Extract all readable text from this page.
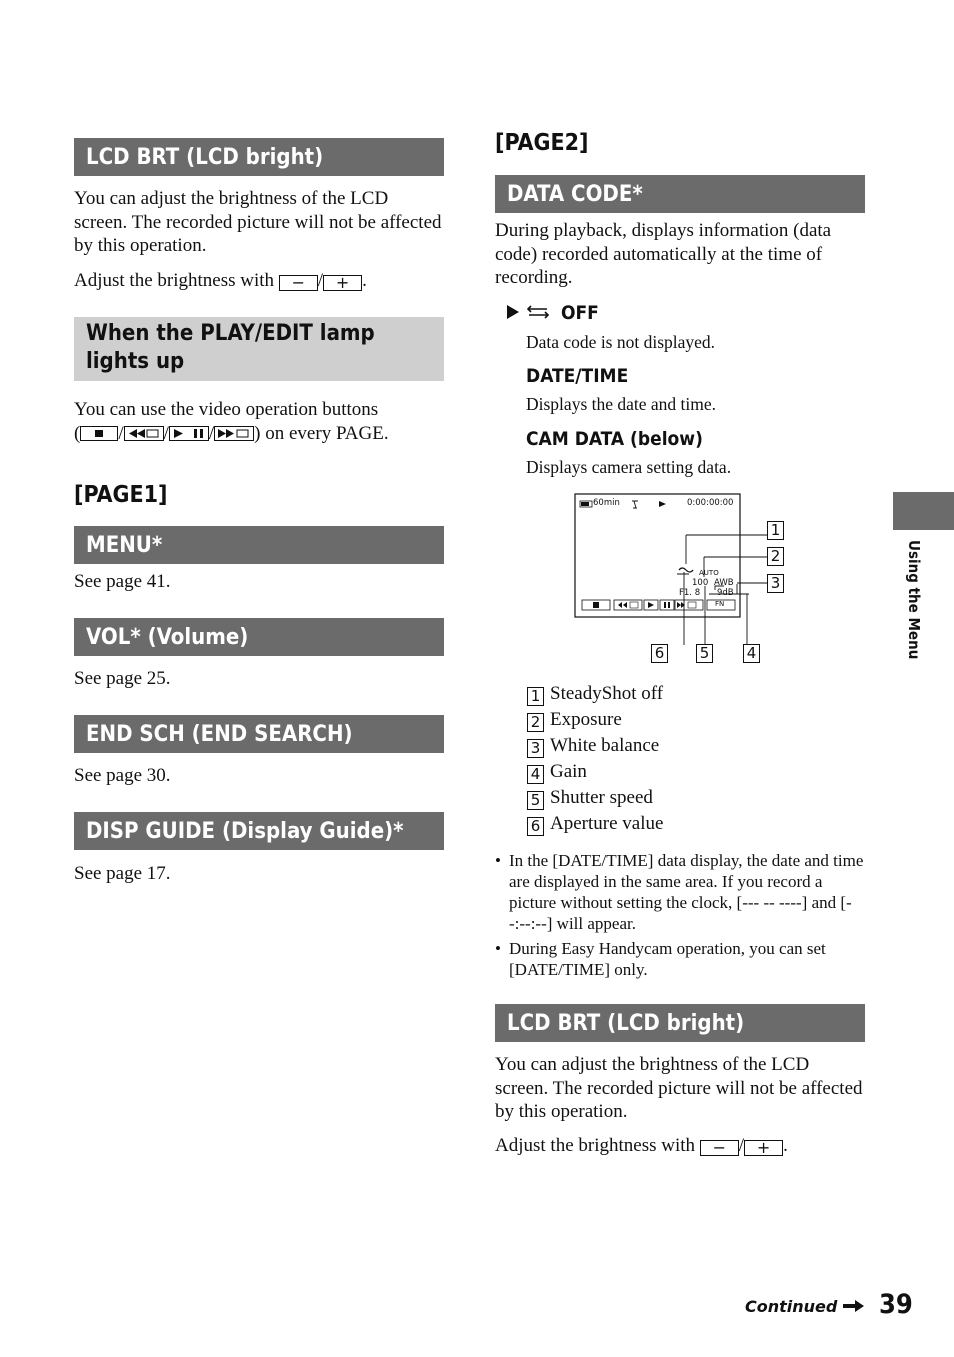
LCD BRT (LCD bright)
You can adjust the brightness of the LCD screen. The recorded picture will not be affected by this operation.
Adjust the brightness with − / + .
When the PLAY/EDIT lamp lights up
You can use the video operation buttons
( / / / ) on every PAGE.
[PAGE1]
MENU*
See page 41.
VOL* (Volume)
See page 25.
END SCH (END SEARCH)
See page 30.
DISP GUIDE (Display Guide)*
See page 17.
[PAGE2]
DATA CODE*
During playback, displays information (data code) recorded automatically at the time of recording.
OFF
Data code is not displayed.
DATE/TIME
Displays the date and time.
CAM DATA (below)
Displays camera setting data.
60min	0:00:00:00
AUTO
100 AWB
F1. 8 9dB
FN
1
2
3
4
5
6
1 SteadyShot off
2 Exposure
3 White balance
4 Gain
5 Shutter speed
6 Aperture value
• In the [DATE/TIME] data display, the date and time are displayed in the same area. If you record a picture without setting the clock, [--- -- ----] and [--:--:--] will appear.
• During Easy Handycam operation, you can set [DATE/TIME] only.
LCD BRT (LCD bright)
You can adjust the brightness of the LCD screen. The recorded picture will not be affected by this operation.
Adjust the brightness with − / + .
Using the Menu
Continued	39
